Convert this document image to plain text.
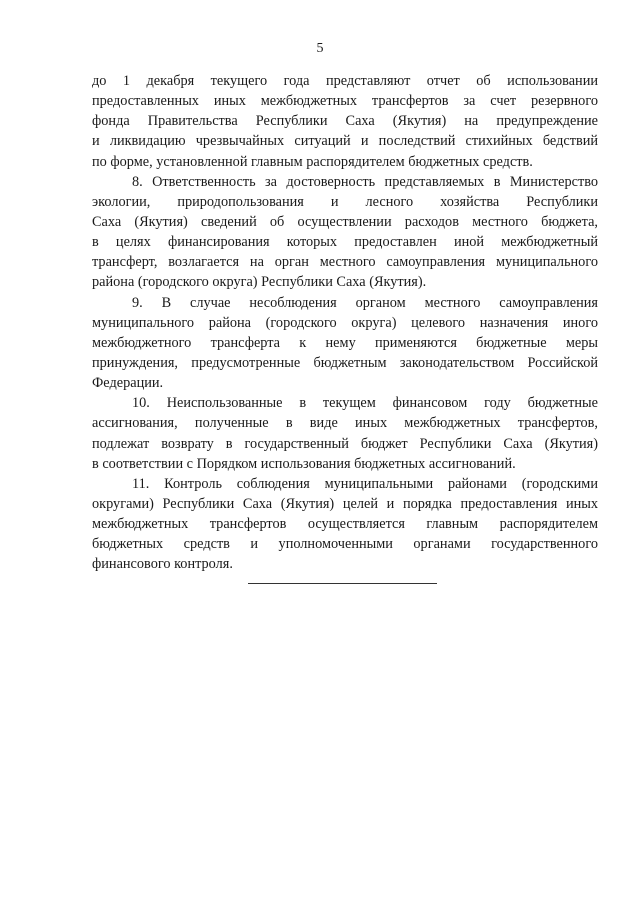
5
до 1 декабря текущего года представляют отчет об использовании
предоставленных иных межбюджетных трансфертов за счет резервного
фонда Правительства Республики Саха (Якутия) на предупреждение
и ликвидацию чрезвычайных ситуаций и последствий стихийных бедствий
по форме, установленной главным распорядителем бюджетных средств.
8. Ответственность за достоверность представляемых в Министерство
экологии, природопользования и лесного хозяйства Республики
Саха (Якутия) сведений об осуществлении расходов местного бюджета,
в целях финансирования которых предоставлен иной межбюджетный
трансферт, возлагается на орган местного самоуправления муниципального
района (городского округа) Республики Саха (Якутия).
9. В случае несоблюдения органом местного самоуправления
муниципального района (городского округа) целевого назначения иного
межбюджетного трансферта к нему применяются бюджетные меры
принуждения, предусмотренные бюджетным законодательством Российской
Федерации.
10. Неиспользованные в текущем финансовом году бюджетные
ассигнования, полученные в виде иных межбюджетных трансфертов,
подлежат возврату в государственный бюджет Республики Саха (Якутия)
в соответствии с Порядком использования бюджетных ассигнований.
11. Контроль соблюдения муниципальными районами (городскими
округами) Республики Саха (Якутия) целей и порядка предоставления иных
межбюджетных трансфертов осуществляется главным распорядителем
бюджетных средств и уполномоченными органами государственного
финансового контроля.
